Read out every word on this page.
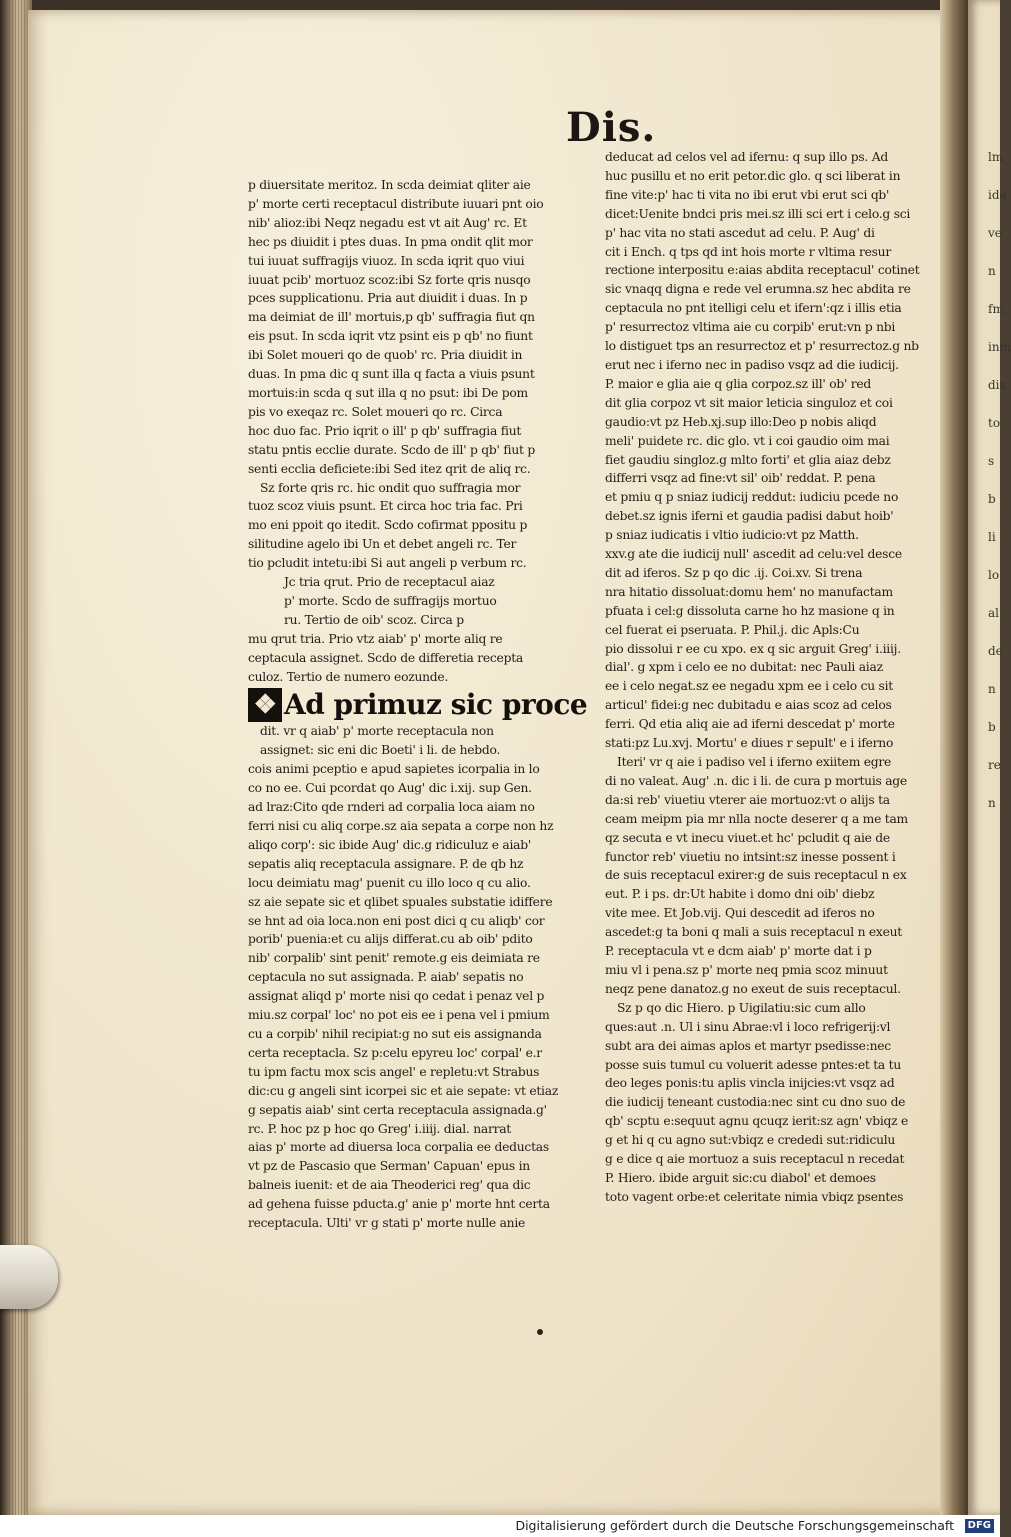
lm
ide
ve
n
fm
inm
dis
to
s
b
li
lo
al
de
n
b
re
n
Dis.
p diuersitate meritoz. In scda deimiat qliter aie
p' morte certi receptacul distribute iuuari pnt oio
nib' alioz:ibi Neqz negadu est vt ait Aug' rc. Et
hec ps diuidit i ptes duas. In pma ondit qlit mor
tui iuuat suffragijs viuoz. In scda iqrit quo viui
iuuat pcib' mortuoz scoz:ibi Sz forte qris nusqo
pces supplicationu. Pria aut diuidit i duas. In p
ma deimiat de ill' mortuis,p qb' suffragia fiut qn
eis psut. In scda iqrit vtz psint eis p qb' no fiunt
ibi Solet moueri qo de quob' rc. Pria diuidit in
duas. In pma dic q sunt illa q facta a viuis psunt
mortuis:in scda q sut illa q no psut: ibi De pom
pis vo exeqaz rc. Solet moueri qo rc. Circa
hoc duo fac. Prio iqrit o ill' p qb' suffragia fiut
statu pntis ecclie durate. Scdo de ill' p qb' fiut p
senti ecclia deficiete:ibi Sed itez qrit de aliq rc.
Sz forte qris rc. hic ondit quo suffragia mor
tuoz scoz viuis psunt. Et circa hoc tria fac. Pri
mo eni ppoit qo itedit. Scdo cofirmat ppositu p
silitudine agelo ibi Un et debet angeli rc. Ter
tio pcludit intetu:ibi Si aut angeli p verbum rc.
Jc tria qrut. Prio de receptacul aiaz
p' morte. Scdo de suffragijs mortuo
ru. Tertio de oib' scoz. Circa p
mu qrut tria. Prio vtz aiab' p' morte aliq re
ceptacula assignet. Scdo de differetia recepta
culoz. Tertio de numero eozunde.
❖ Ad primuz sic proce
dit. vr q aiab' p' morte receptacula non
assignet: sic eni dic Boeti' i li. de hebdo.
cois animi pceptio e apud sapietes icorpalia in lo
co no ee. Cui pcordat qo Aug' dic i.xij. sup Gen.
ad lraz:Cito qde rnderi ad corpalia loca aiam no
ferri nisi cu aliq corpe.sz aia sepata a corpe non hz
aliqo corp': sic ibide Aug' dic.g ridiculuz e aiab'
sepatis aliq receptacula assignare. P. de qb hz
locu deimiatu mag' puenit cu illo loco q cu alio.
sz aie sepate sic et qlibet spuales substatie idiffere
se hnt ad oia loca.non eni post dici q cu aliqb' cor
porib' puenia:et cu alijs differat.cu ab oib' pdito
nib' corpalib' sint penit' remote.g eis deimiata re
ceptacula no sut assignada. P. aiab' sepatis no
assignat aliqd p' morte nisi qo cedat i penaz vel p
miu.sz corpal' loc' no pot eis ee i pena vel i pmium
cu a corpib' nihil recipiat:g no sut eis assignanda
certa receptacla. Sz p:celu epyreu loc' corpal' e.r
tu ipm factu mox scis angel' e repletu:vt Strabus
dic:cu g angeli sint icorpei sic et aie sepate: vt etiaz
g sepatis aiab' sint certa receptacula assignada.g'
rc. P. hoc pz p hoc qo Greg' i.iiij. dial. narrat
aias p' morte ad diuersa loca corpalia ee deductas
vt pz de Pascasio que Serman' Capuan' epus in
balneis iuenit: et de aia Theoderici reg' qua dic
ad gehena fuisse pducta.g' anie p' morte hnt certa
receptacula. Ulti' vr g stati p' morte nulle anie
deducat ad celos vel ad ifernu: q sup illo ps. Ad
huc pusillu et no erit petor.dic glo. q sci liberat in
fine vite:p' hac ti vita no ibi erut vbi erut sci qb'
dicet:Uenite bndci pris mei.sz illi sci ert i celo.g sci
p' hac vita no stati ascedut ad celu. P. Aug' di
cit i Ench. q tps qd int hois morte r vltima resur
rectione interpositu e:aias abdita receptacul' cotinet
sic vnaqq digna e rede vel erumna.sz hec abdita re
ceptacula no pnt itelligi celu et ifern':qz i illis etia
p' resurrectoz vltima aie cu corpib' erut:vn p nbi
lo distiguet tps an resurrectoz et p' resurrectoz.g nb
erut nec i iferno nec in padiso vsqz ad die iudicij.
P. maior e glia aie q glia corpoz.sz ill' ob' red
dit glia corpoz vt sit maior leticia singuloz et coi
gaudio:vt pz Heb.xj.sup illo:Deo p nobis aliqd
meli' puidete rc. dic glo. vt i coi gaudio oim mai
fiet gaudiu singloz.g mlto forti' et glia aiaz debz
differri vsqz ad fine:vt sil' oib' reddat. P. pena
et pmiu q p sniaz iudicij reddut: iudiciu pcede no
debet.sz ignis iferni et gaudia padisi dabut hoib'
p sniaz iudicatis i vltio iudicio:vt pz Matth.
xxv.g ate die iudicij null' ascedit ad celu:vel desce
dit ad iferos. Sz p qo dic .ij. Coi.xv. Si trena
nra hitatio dissoluat:domu hem' no manufactam
pfuata i cel:g dissoluta carne ho hz masione q in
cel fuerat ei pseruata. P. Phil.j. dic Apls:Cu
pio dissolui r ee cu xpo. ex q sic arguit Greg' i.iiij.
dial'. g xpm i celo ee no dubitat: nec Pauli aiaz
ee i celo negat.sz ee negadu xpm ee i celo cu sit
articul' fidei:g nec dubitadu e aias scoz ad celos
ferri. Qd etia aliq aie ad iferni descedat p' morte
stati:pz Lu.xvj. Mortu' e diues r sepult' e i iferno
Iteri' vr q aie i padiso vel i iferno exiitem egre
di no valeat. Aug' .n. dic i li. de cura p mortuis age
da:si reb' viuetiu vterer aie mortuoz:vt o alijs ta
ceam meipm pia mr nlla nocte deserer q a me tam
qz secuta e vt inecu viuet.et hc' pcludit q aie de
functor reb' viuetiu no intsint:sz inesse possent i
de suis receptacul exirer:g de suis receptacul n ex
eut. P. i ps. dr:Ut habite i domo dni oib' diebz
vite mee. Et Job.vij. Qui descedit ad iferos no
ascedet:g ta boni q mali a suis receptacul n exeut
P. receptacula vt e dcm aiab' p' morte dat i p
miu vl i pena.sz p' morte neq pmia scoz minuut
neqz pene danatoz.g no exeut de suis receptacul.
Sz p qo dic Hiero. p Uigilatiu:sic cum allo
ques:aut .n. Ul i sinu Abrae:vl i loco refrigerij:vl
subt ara dei aimas aplos et martyr psedisse:nec
posse suis tumul cu voluerit adesse pntes:et ta tu
deo leges ponis:tu aplis vincla inijcies:vt vsqz ad
die iudicij teneant custodia:nec sint cu dno suo de
qb' scptu e:sequut agnu qcuqz ierit:sz agn' vbiqz e
g et hi q cu agno sut:vbiqz e crededi sut:ridiculu
g e dice q aie mortuoz a suis receptacul n recedat
P. Hiero. ibide arguit sic:cu diabol' et demoes
toto vagent orbe:et celeritate nimia vbiqz psentes
Digitalisierung gefördert durch die Deutsche Forschungsgemeinschaft	DFG
